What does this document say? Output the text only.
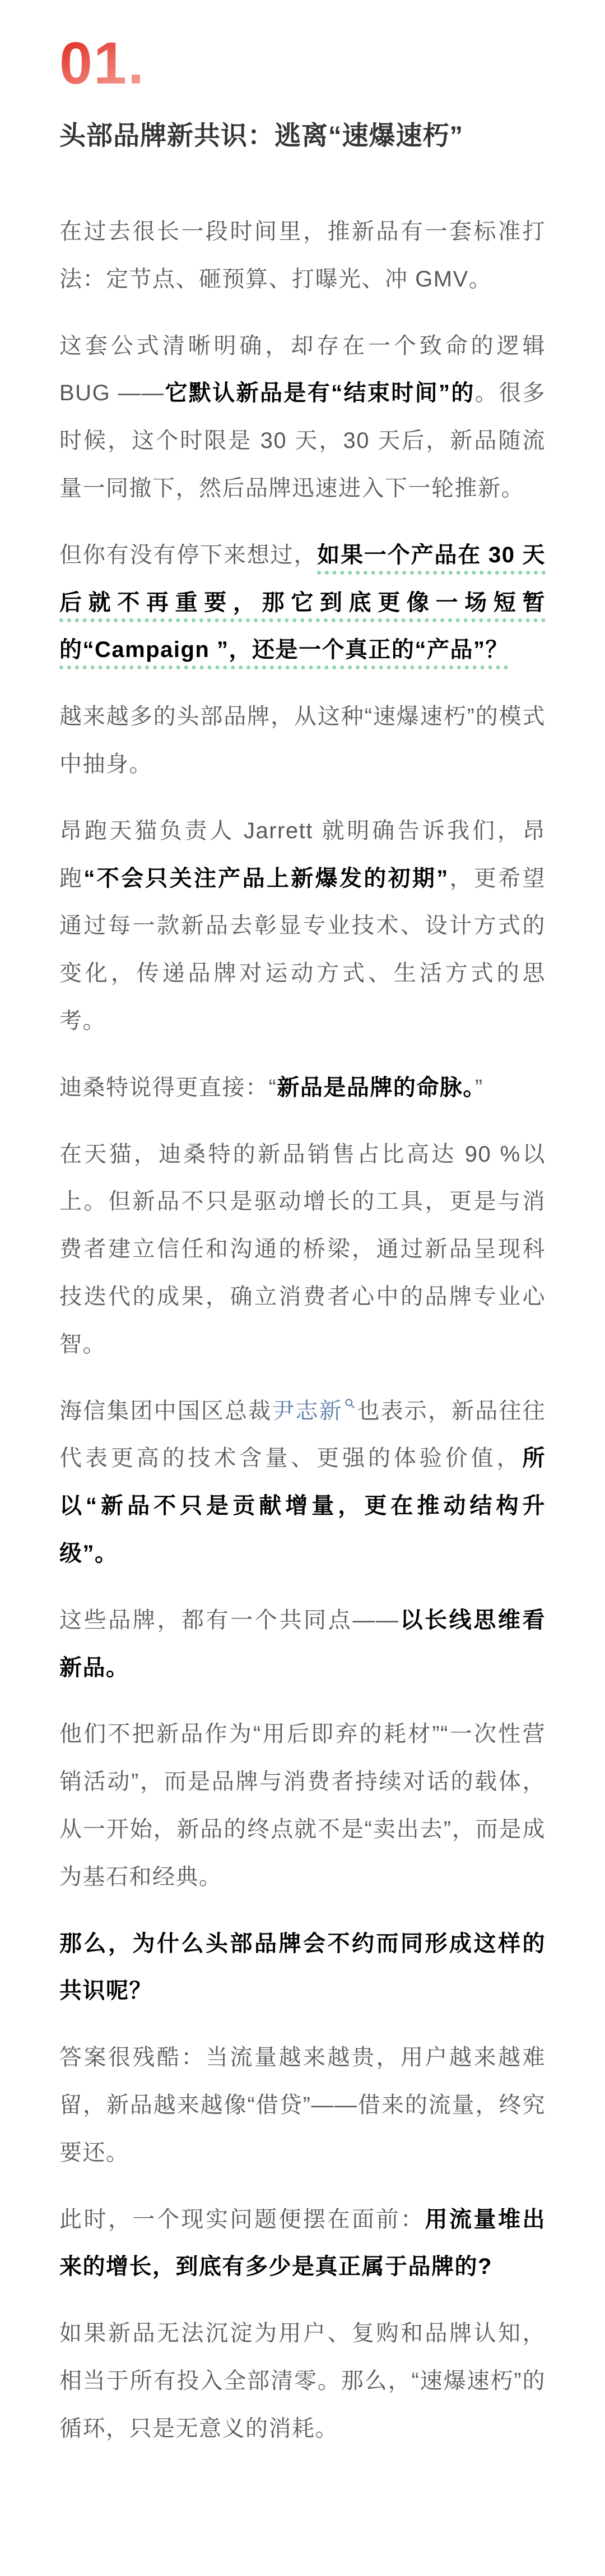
01.
头部品牌新共识：逃离“速爆速朽”

在过去很长一段时间里，推新品有一套标准打法：定节点、砸预算、打曝光、冲 GMV。

这套公式清晰明确，却存在一个致命的逻辑 BUG ——它默认新品是有“结束时间”的。很多时候，这个时限是 30 天，30 天后，新品随流量一同撤下，然后品牌迅速进入下一轮推新。

但你有没有停下来想过，如果一个产品在 30 天后就不再重要，那它到底更像一场短暂的“Campaign ”，还是一个真正的“产品”？

越来越多的头部品牌，从这种“速爆速朽”的模式中抽身。

昂跑天猫负责人 Jarrett 就明确告诉我们，昂跑“不会只关注产品上新爆发的初期”，更希望通过每一款新品去彰显专业技术、设计方式的变化，传递品牌对运动方式、生活方式的思考。

迪桑特说得更直接：“新品是品牌的命脉。”

在天猫，迪桑特的新品销售占比高达 90 %以上。但新品不只是驱动增长的工具，更是与消费者建立信任和沟通的桥梁，通过新品呈现科技迭代的成果，确立消费者心中的品牌专业心智。

海信集团中国区总裁尹志新 也表示，新品往往代表更高的技术含量、更强的体验价值，所以“新品不只是贡献增量，更在推动结构升级”。

这些品牌，都有一个共同点——以长线思维看新品。

他们不把新品作为“用后即弃的耗材”“一次性营销活动”，而是品牌与消费者持续对话的载体，从一开始，新品的终点就不是“卖出去”，而是成为基石和经典。

那么，为什么头部品牌会不约而同形成这样的共识呢？

答案很残酷：当流量越来越贵，用户越来越难留，新品越来越像“借贷”——借来的流量，终究要还。

此时，一个现实问题便摆在面前：用流量堆出来的增长，到底有多少是真正属于品牌的?

如果新品无法沉淀为用户、复购和品牌认知，相当于所有投入全部清零。那么，“速爆速朽”的循环，只是无意义的消耗。
